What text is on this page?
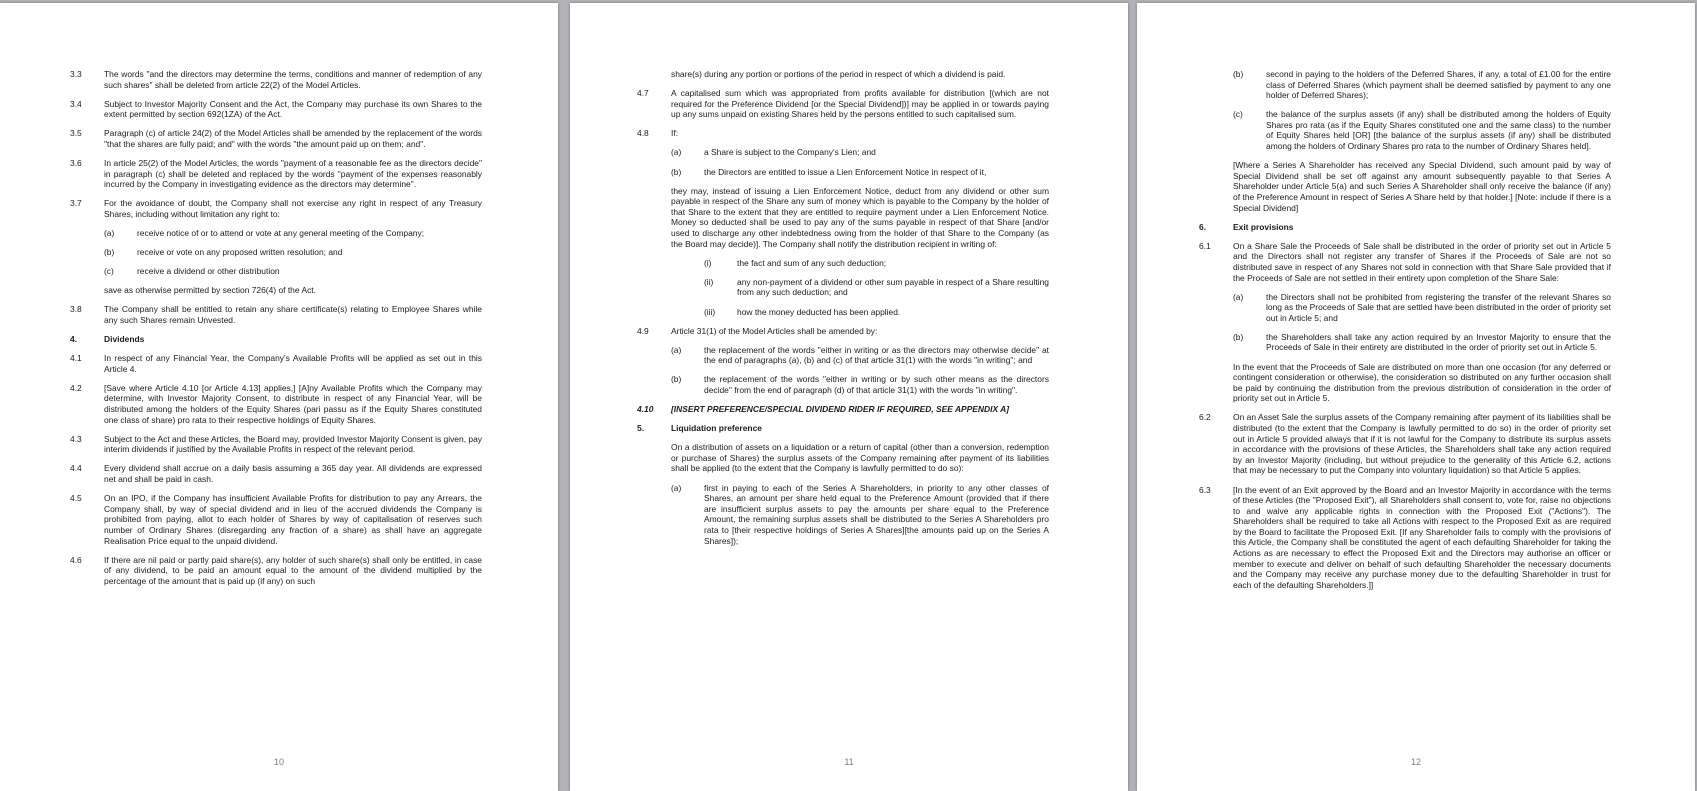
3.3	The words "and the directors may determine the terms, conditions and manner of redemption of any such shares" shall be deleted from article 22(2) of the Model Articles.
3.4	Subject to Investor Majority Consent and the Act, the Company may purchase its own Shares to the extent permitted by section 692(1ZA) of the Act.
3.5	Paragraph (c) of article 24(2) of the Model Articles shall be amended by the replacement of the words "that the shares are fully paid; and" with the words "the amount paid up on them; and".
3.6	In article 25(2) of the Model Articles, the words "payment of a reasonable fee as the directors decide" in paragraph (c) shall be deleted and replaced by the words "payment of the expenses reasonably incurred by the Company in investigating evidence as the directors may determine".
3.7	For the avoidance of doubt, the Company shall not exercise any right in respect of any Treasury Shares, including without limitation any right to:
(a)	receive notice of or to attend or vote at any general meeting of the Company;
(b)	receive or vote on any proposed written resolution; and
(c)	receive a dividend or other distribution
save as otherwise permitted by section 726(4) of the Act.
3.8	The Company shall be entitled to retain any share certificate(s) relating to Employee Shares while any such Shares remain Unvested.
4.	Dividends
4.1	In respect of any Financial Year, the Company's Available Profits will be applied as set out in this Article 4.
4.2	[Save where Article 4.10 [or Article 4.13] applies,] [A]ny Available Profits which the Company may determine, with Investor Majority Consent, to distribute in respect of any Financial Year, will be distributed among the holders of the Equity Shares (pari passu as if the Equity Shares constituted one class of share) pro rata to their respective holdings of Equity Shares.
4.3	Subject to the Act and these Articles, the Board may, provided Investor Majority Consent is given, pay interim dividends if justified by the Available Profits in respect of the relevant period.
4.4	Every dividend shall accrue on a daily basis assuming a 365 day year. All dividends are expressed net and shall be paid in cash.
4.5	On an IPO, if the Company has insufficient Available Profits for distribution to pay any Arrears, the Company shall, by way of special dividend and in lieu of the accrued dividends the Company is prohibited from paying, allot to each holder of Shares by way of capitalisation of reserves such number of Ordinary Shares (disregarding any fraction of a share) as shall have an aggregate Realisation Price equal to the unpaid dividend.
4.6	If there are nil paid or partly paid share(s), any holder of such share(s) shall only be entitled, in case of any dividend, to be paid an amount equal to the amount of the dividend multiplied by the percentage of the amount that is paid up (if any) on such
10
share(s) during any portion or portions of the period in respect of which a dividend is paid.
4.7	A capitalised sum which was appropriated from profits available for distribution [(which are not required for the Preference Dividend [or the Special Dividend])] may be applied in or towards paying up any sums unpaid on existing Shares held by the persons entitled to such capitalised sum.
4.8	If:
(a)	a Share is subject to the Company's Lien; and
(b)	the Directors are entitled to issue a Lien Enforcement Notice in respect of it,
they may, instead of issuing a Lien Enforcement Notice, deduct from any dividend or other sum payable in respect of the Share any sum of money which is payable to the Company by the holder of that Share to the extent that they are entitled to require payment under a Lien Enforcement Notice. Money so deducted shall be used to pay any of the sums payable in respect of that Share [and/or used to discharge any other indebtedness owing from the holder of that Share to the Company (as the Board may decide)]. The Company shall notify the distribution recipient in writing of:
(i)	the fact and sum of any such deduction;
(ii)	any non-payment of a dividend or other sum payable in respect of a Share resulting from any such deduction; and
(iii)	how the money deducted has been applied.
4.9	Article 31(1) of the Model Articles shall be amended by:
(a)	the replacement of the words "either in writing or as the directors may otherwise decide" at the end of paragraphs (a), (b) and (c) of that article 31(1) with the words "in writing"; and
(b)	the replacement of the words "either in writing or by such other means as the directors decide" from the end of paragraph (d) of that article 31(1) with the words "in writing".
4.10	[INSERT PREFERENCE/SPECIAL DIVIDEND RIDER IF REQUIRED, SEE APPENDIX A]
5.	Liquidation preference
On a distribution of assets on a liquidation or a return of capital (other than a conversion, redemption or purchase of Shares) the surplus assets of the Company remaining after payment of its liabilities shall be applied (to the extent that the Company is lawfully permitted to do so):
(a)	first in paying to each of the Series A Shareholders, in priority to any other classes of Shares, an amount per share held equal to the Preference Amount (provided that if there are insufficient surplus assets to pay the amounts per share equal to the Preference Amount, the remaining surplus assets shall be distributed to the Series A Shareholders pro rata to [their respective holdings of Series A Shares][the amounts paid up on the Series A Shares]);
11
(b)	second in paying to the holders of the Deferred Shares, if any, a total of £1.00 for the entire class of Deferred Shares (which payment shall be deemed satisfied by payment to any one holder of Deferred Shares);
(c)	the balance of the surplus assets (if any) shall be distributed among the holders of Equity Shares pro rata (as if the Equity Shares constituted one and the same class) to the number of Equity Shares held [OR] [the balance of the surplus assets (if any) shall be distributed among the holders of Ordinary Shares pro rata to the number of Ordinary Shares held].
[Where a Series A Shareholder has received any Special Dividend, such amount paid by way of Special Dividend shall be set off against any amount subsequently payable to that Series A Shareholder under Article 5(a) and such Series A Shareholder shall only receive the balance (if any) of the Preference Amount in respect of Series A Share held by that holder.] [Note: include if there is a Special Dividend]
6.	Exit provisions
6.1	On a Share Sale the Proceeds of Sale shall be distributed in the order of priority set out in Article 5 and the Directors shall not register any transfer of Shares if the Proceeds of Sale are not so distributed save in respect of any Shares not sold in connection with that Share Sale provided that if the Proceeds of Sale are not settled in their entirety upon completion of the Share Sale:
(a)	the Directors shall not be prohibited from registering the transfer of the relevant Shares so long as the Proceeds of Sale that are settled have been distributed in the order of priority set out in Article 5; and
(b)	the Shareholders shall take any action required by an Investor Majority to ensure that the Proceeds of Sale in their entirety are distributed in the order of priority set out in Article 5.
In the event that the Proceeds of Sale are distributed on more than one occasion (for any deferred or contingent consideration or otherwise), the consideration so distributed on any further occasion shall be paid by continuing the distribution from the previous distribution of consideration in the order of priority set out in Article 5.
6.2	On an Asset Sale the surplus assets of the Company remaining after payment of its liabilities shall be distributed (to the extent that the Company is lawfully permitted to do so) in the order of priority set out in Article 5 provided always that if it is not lawful for the Company to distribute its surplus assets in accordance with the provisions of these Articles, the Shareholders shall take any action required by an Investor Majority (including, but without prejudice to the generality of this Article 6.2, actions that may be necessary to put the Company into voluntary liquidation) so that Article 5 applies.
6.3	[In the event of an Exit approved by the Board and an Investor Majority in accordance with the terms of these Articles (the "Proposed Exit"), all Shareholders shall consent to, vote for, raise no objections to and waive any applicable rights in connection with the Proposed Exit ("Actions"). The Shareholders shall be required to take all Actions with respect to the Proposed Exit as are required by the Board to facilitate the Proposed Exit. [If any Shareholder fails to comply with the provisions of this Article, the Company shall be constituted the agent of each defaulting Shareholder for taking the Actions as are necessary to effect the Proposed Exit and the Directors may authorise an officer or member to execute and deliver on behalf of such defaulting Shareholder the necessary documents and the Company may receive any purchase money due to the defaulting Shareholder in trust for each of the defaulting Shareholders.]]
12
